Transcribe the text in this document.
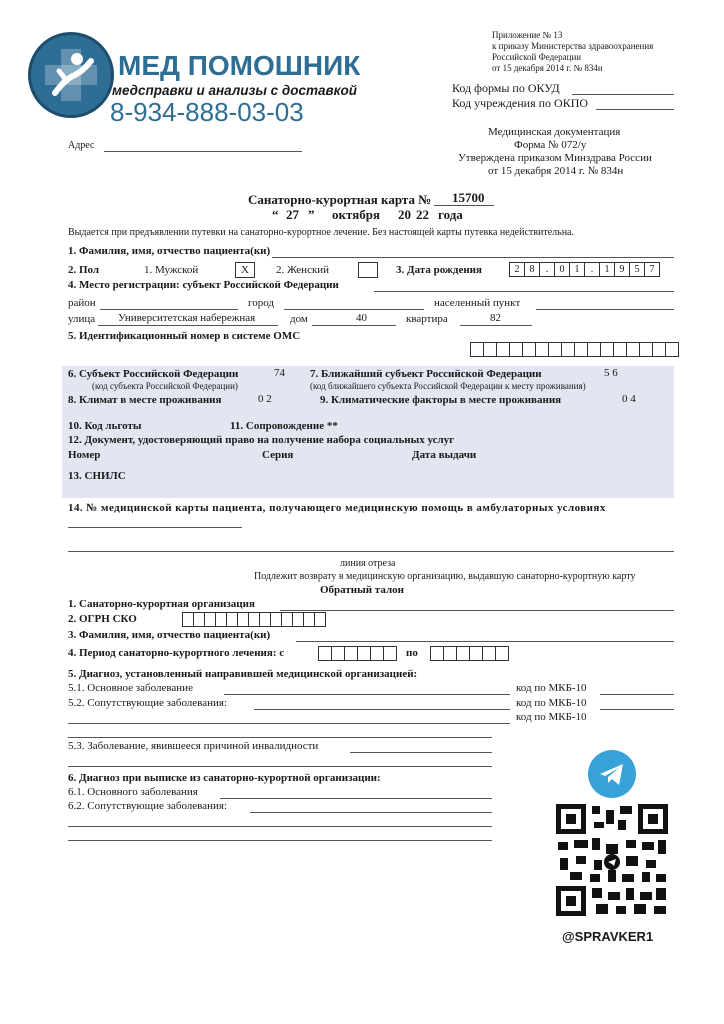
МЕД ПОМОШНИК
медсправки и анализы с доставкой
8-934-888-03-03
Приложение № 13
к приказу Министерства здравоохранения
Российской Федерации
от 15 декабря 2014 г. № 834н
Код формы по ОКУД
Код учреждения по ОКПО
Медицинская документация
Форма № 072/у
Утверждена приказом Минздрава России
от 15 декабря 2014 г. № 834н
Адрес
Санаторно-курортная карта № 15700
“ 27 ” октября 20 22 года
Выдается при предъявлении путевки на санаторно-курортное лечение. Без настоящей карты путевка недействительна.
1. Фамилия, имя, отчество пациента(ки)
2. Пол	1. Мужской	X	2. Женский	3. Дата рождения	2	8	.	0	1	.	1	9	5	7
4. Место регистрации: субъект Российской Федерации
район	город	населенный пункт
улица Университетская набережная	дом	40	квартира	82
5. Идентификационный номер в системе ОМС
6. Субъект Российской Федерации	74
(код субъекта Российской Федерации)
7. Ближайший субъект Российской Федерации	5 6
(код ближайшего субъекта Российской Федерации к месту проживания)
8. Климат в месте проживания	0 2	9. Климатические факторы в месте проживания	0 4
10. Код льготы	11. Сопровождение **
12. Документ, удостоверяющий право на получение набора социальных услуг
Номер	Серия	Дата выдачи
13. СНИЛС
14. № медицинской карты пациента, получающего медицинскую помощь в амбулаторных условиях
линия отреза
Подлежит возврату в медицинскую организацию, выдавшую санаторно-курортную карту
Обратный талон
1. Санаторно-курортная организация
2. ОГРН СКО
3. Фамилия, имя, отчество пациента(ки)
4. Период санаторно-курортного лечения: с	по
5. Диагноз, установленный направившей медицинской организацией:
5.1. Основное заболевание	код по МКБ-10
5.2. Сопутствующие заболевания:	код по МКБ-10
код по МКБ-10
5.3. Заболевание, явившееся причиной инвалидности
6. Диагноз при выписке из санаторно-курортной организации:
6.1. Основного заболевания
6.2. Сопутствующие заболевания:
@SPRAVKER1
